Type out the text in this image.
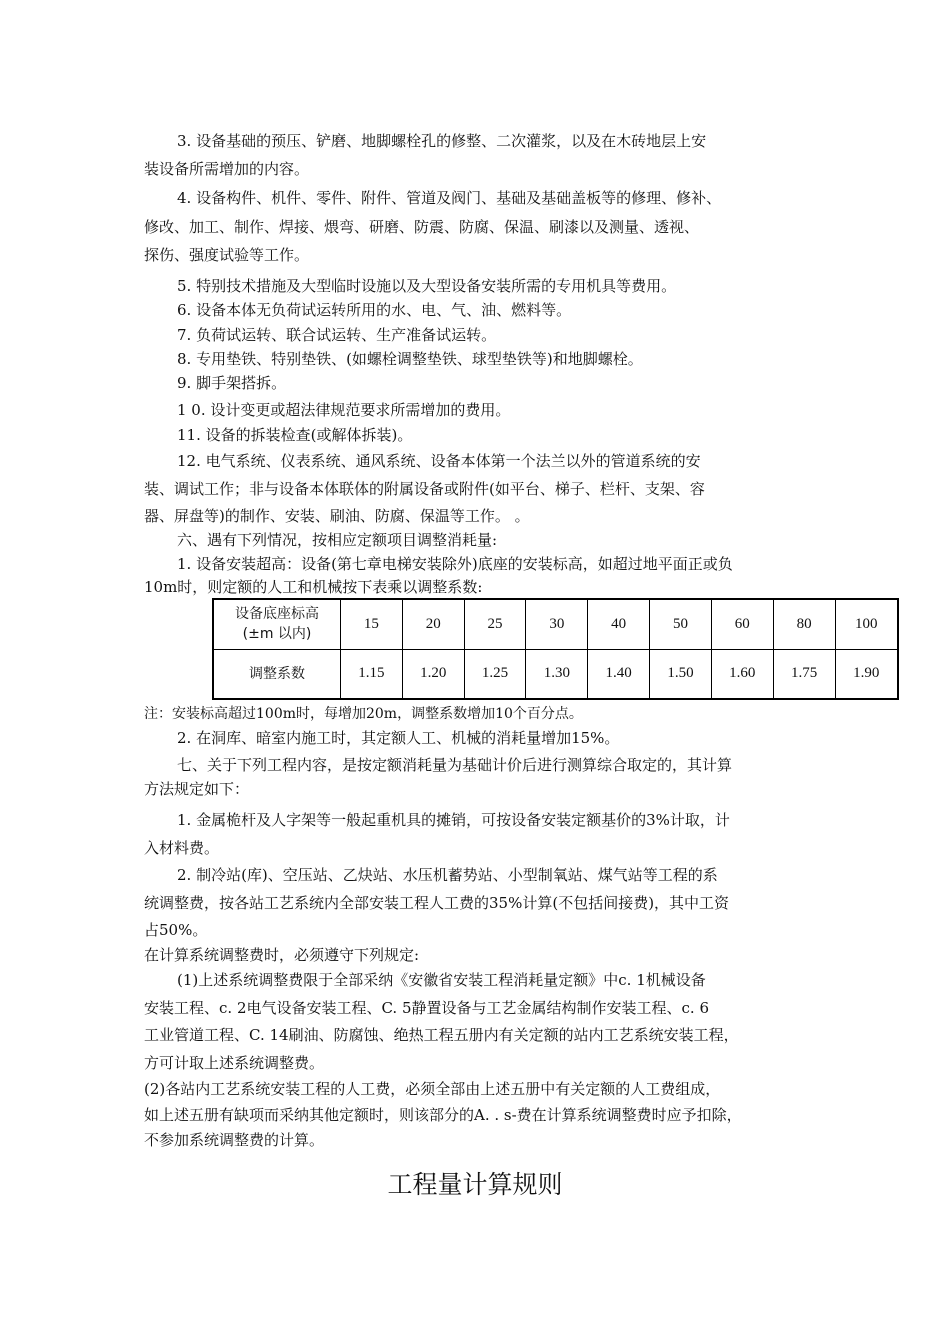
3. 设备基础的预压、铲磨、地脚螺栓孔的修整、二次灌浆，以及在木砖地层上安
装设备所需增加的内容。
4. 设备构件、机件、零件、附件、管道及阀门、基础及基础盖板等的修理、修补、
修改、加工、制作、焊接、煨弯、研磨、防震、防腐、保温、刷漆以及测量、透视、
探伤、强度试验等工作。
5. 特别技术措施及大型临时设施以及大型设备安装所需的专用机具等费用。
6. 设备本体无负荷试运转所用的水、电、气、油、燃料等。
7. 负荷试运转、联合试运转、生产准备试运转。
8. 专用垫铁、特别垫铁、(如螺栓调整垫铁、球型垫铁等)和地脚螺栓。
9. 脚手架搭拆。
1 0. 设计变更或超法律规范要求所需增加的费用。
11. 设备的拆装检查(或解体拆装)。
12. 电气系统、仪表系统、通风系统、设备本体第一个法兰以外的管道系统的安
装、调试工作；非与设备本体联体的附属设备或附件(如平台、梯子、栏杆、支架、容
器、屏盘等)的制作、安装、刷油、防腐、保温等工作。 。
六、遇有下列情况，按相应定额项目调整消耗量:
1. 设备安装超高：设备(第七章电梯安装除外)底座的安装标高，如超过地平面正或负
10m时，则定额的人工和机械按下表乘以调整系数:
设备底座标高
(±m 以内)	15	20	25	30	40	50	60	80	100
调整系数	1.15	1.20	1.25	1.30	1.40	1.50	1.60	1.75	1.90
注：安装标高超过100m时，每增加20m，调整系数增加10个百分点。
2. 在洞库、暗室内施工时，其定额人工、机械的消耗量增加15%。
七、关于下列工程内容，是按定额消耗量为基础计价后进行测算综合取定的，其计算
方法规定如下：
1. 金属桅杆及人字架等一般起重机具的摊销，可按设备安装定额基价的3%计取，计
入材料费。
2. 制冷站(库)、空压站、乙炔站、水压机蓄势站、小型制氧站、煤气站等工程的系
统调整费，按各站工艺系统内全部安装工程人工费的35%计算(不包括间接费)，其中工资
占50%。
在计算系统调整费时，必须遵守下列规定:
(1)上述系统调整费限于全部采纳《安徽省安装工程消耗量定额》中c. 1机械设备
安装工程、c. 2电气设备安装工程、C. 5静置设备与工艺金属结构制作安装工程、c. 6
工业管道工程、C. 14刷油、防腐蚀、绝热工程五册内有关定额的站内工艺系统安装工程，
方可计取上述系统调整费。
(2)各站内工艺系统安装工程的人工费，必须全部由上述五册中有关定额的人工费组成，
如上述五册有缺项而采纳其他定额时，则该部分的A. . s-费在计算系统调整费时应予扣除，
不参加系统调整费的计算。
工程量计算规则
